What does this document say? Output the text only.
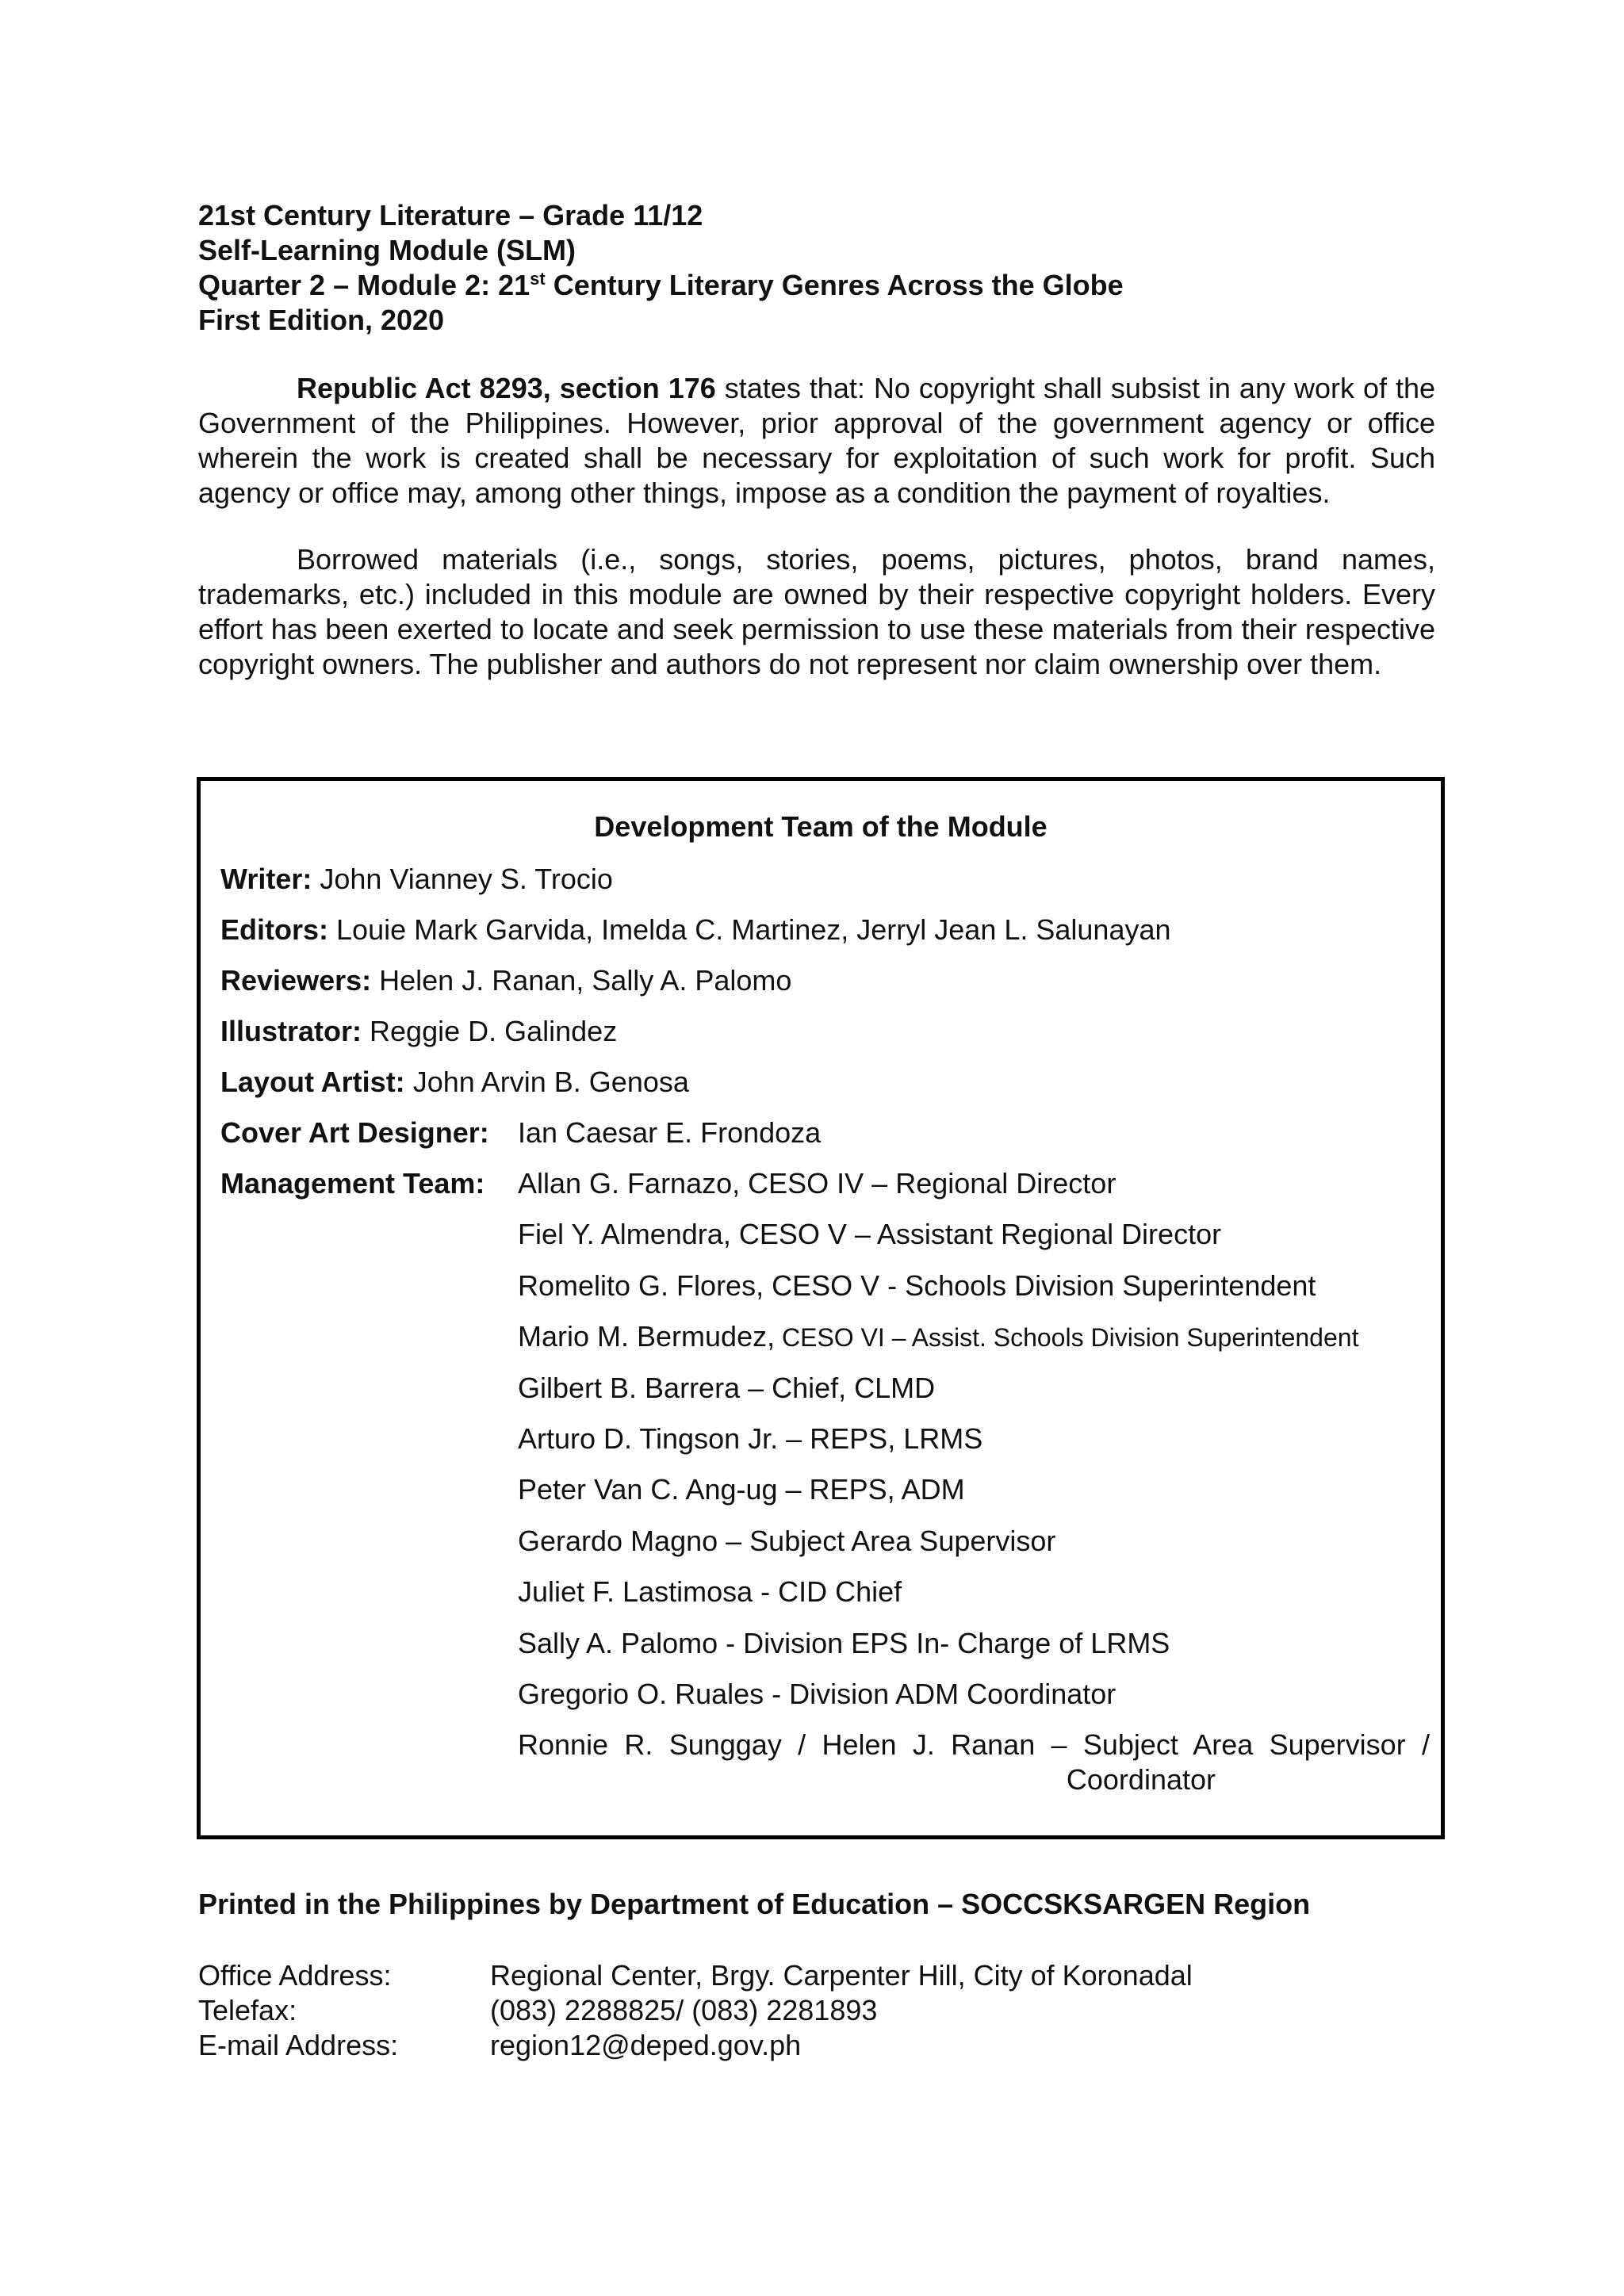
21st Century Literature – Grade 11/12
Self-Learning Module (SLM)
Quarter 2 – Module 2: 21st Century Literary Genres Across the Globe
First Edition, 2020
Republic Act 8293, section 176 states that: No copyright shall subsist in any work of the Government of the Philippines. However, prior approval of the government agency or office wherein the work is created shall be necessary for exploitation of such work for profit. Such agency or office may, among other things, impose as a condition the payment of royalties.
Borrowed materials (i.e., songs, stories, poems, pictures, photos, brand names, trademarks, etc.) included in this module are owned by their respective copyright holders. Every effort has been exerted to locate and seek permission to use these materials from their respective copyright owners. The publisher and authors do not represent nor claim ownership over them.
Development Team of the Module
Writer: John Vianney S. Trocio
Editors: Louie Mark Garvida, Imelda C. Martinez, Jerryl Jean L. Salunayan
Reviewers: Helen J. Ranan, Sally A. Palomo
Illustrator: Reggie D. Galindez
Layout Artist: John Arvin B. Genosa
Cover Art Designer: Ian Caesar E. Frondoza
Management Team: Allan G. Farnazo, CESO IV – Regional Director
Fiel Y. Almendra, CESO V – Assistant Regional Director
Romelito G. Flores, CESO V - Schools Division Superintendent
Mario M. Bermudez, CESO VI – Assist. Schools Division Superintendent
Gilbert B. Barrera – Chief, CLMD
Arturo D. Tingson Jr. – REPS, LRMS
Peter Van C. Ang-ug – REPS, ADM
Gerardo Magno – Subject Area Supervisor
Juliet F. Lastimosa - CID Chief
Sally A. Palomo - Division EPS In- Charge of LRMS
Gregorio O. Ruales - Division ADM Coordinator
Ronnie R. Sunggay / Helen J. Ranan – Subject Area Supervisor /
Coordinator
Printed in the Philippines by Department of Education – SOCCSKSARGEN Region
Office Address:	Regional Center, Brgy. Carpenter Hill, City of Koronadal
Telefax:	(083) 2288825/ (083) 2281893
E-mail Address:	region12@deped.gov.ph
